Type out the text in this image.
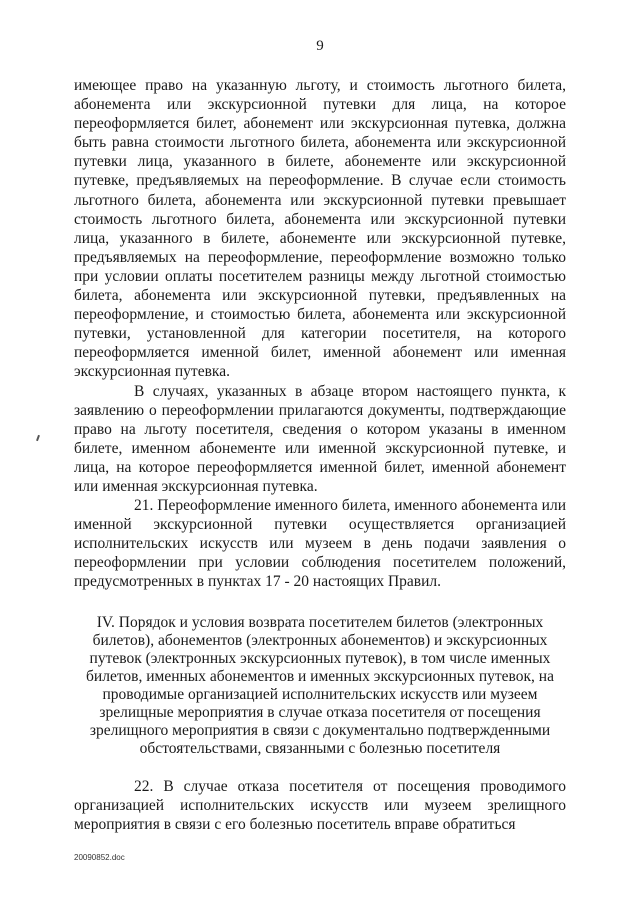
9

имеющее право на указанную льготу, и стоимость льготного билета, абонемента или экскурсионной путевки для лица, на которое переоформляется билет, абонемент или экскурсионная путевка, должна быть равна стоимости льготного билета, абонемента или экскурсионной путевки лица, указанного в билете, абонементе или экскурсионной путевке, предъявляемых на переоформление. В случае если стоимость льготного билета, абонемента или экскурсионной путевки превышает стоимость льготного билета, абонемента или экскурсионной путевки лица, указанного в билете, абонементе или экскурсионной путевке, предъявляемых на переоформление, переоформление возможно только при условии оплаты посетителем разницы между льготной стоимостью билета, абонемента или экскурсионной путевки, предъявленных на переоформление, и стоимостью билета, абонемента или экскурсионной путевки, установленной для категории посетителя, на которого переоформляется именной билет, именной абонемент или именная экскурсионная путевка.

В случаях, указанных в абзаце втором настоящего пункта, к заявлению о переоформлении прилагаются документы, подтверждающие право на льготу посетителя, сведения о котором указаны в именном билете, именном абонементе или именной экскурсионной путевке, и лица, на которое переоформляется именной билет, именной абонемент или именная экскурсионная путевка.

21. Переоформление именного билета, именного абонемента или именной экскурсионной путевки осуществляется организацией исполнительских искусств или музеем в день подачи заявления о переоформлении при условии соблюдения посетителем положений, предусмотренных в пунктах 17 - 20 настоящих Правил.

IV. Порядок и условия возврата посетителем билетов (электронных билетов), абонементов (электронных абонементов) и экскурсионных путевок (электронных экскурсионных путевок), в том числе именных билетов, именных абонементов и именных экскурсионных путевок, на проводимые организацией исполнительских искусств или музеем зрелищные мероприятия в случае отказа посетителя от посещения зрелищного мероприятия в связи с документально подтвержденными обстоятельствами, связанными с болезнью посетителя

22. В случае отказа посетителя от посещения проводимого организацией исполнительских искусств или музеем зрелищного мероприятия в связи с его болезнью посетитель вправе обратиться

20090852.doc
